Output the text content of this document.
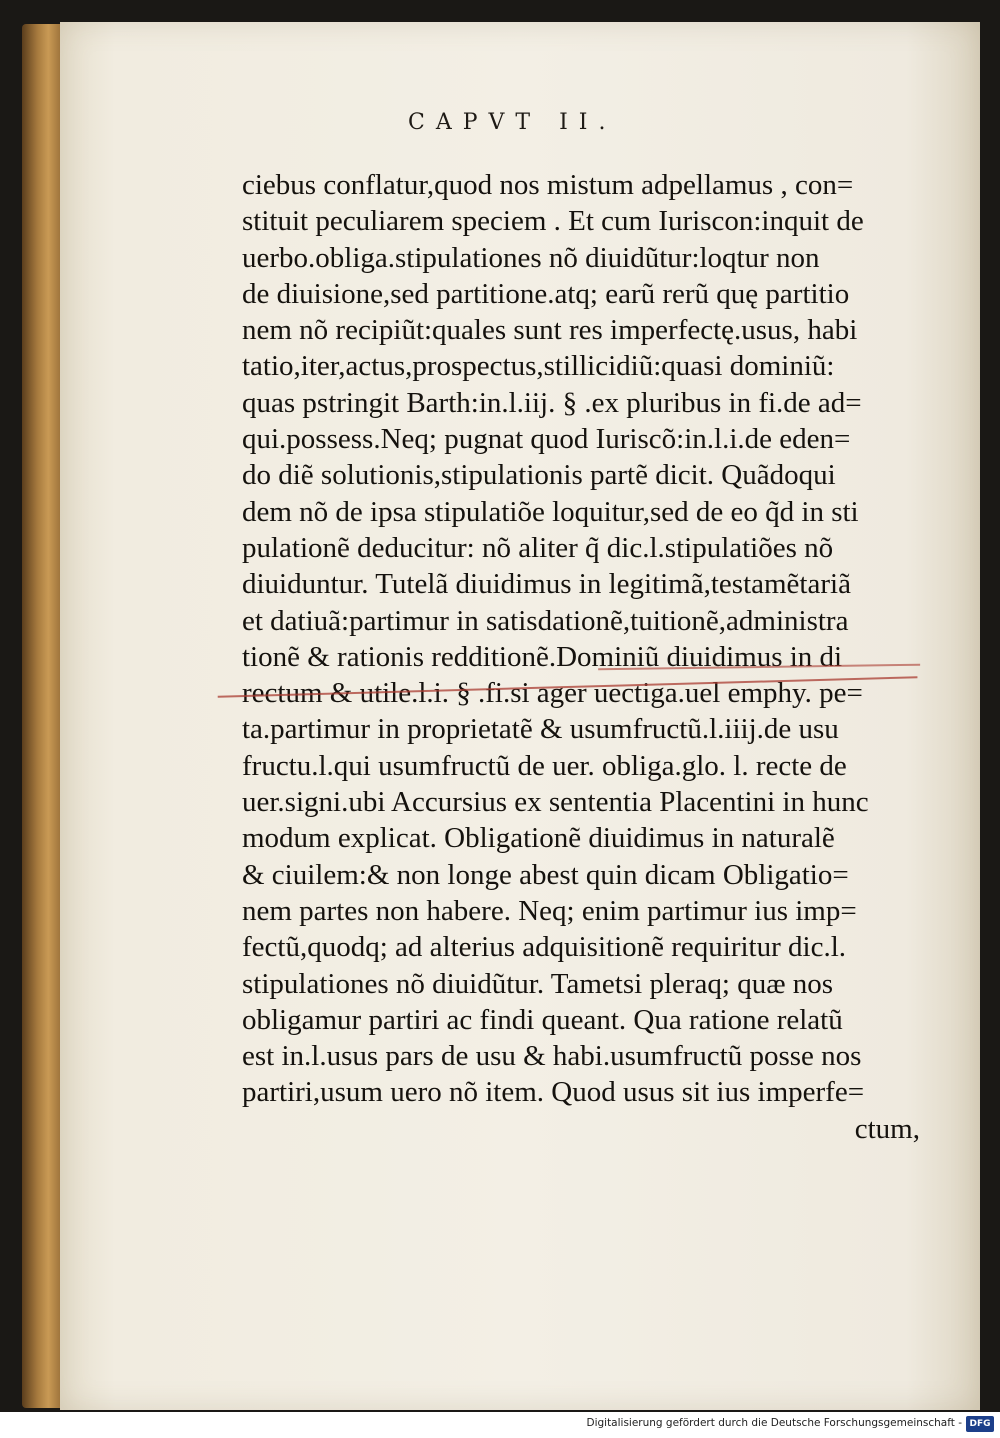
CAPVT II.
ciebus conflatur,quod nos mistum adpellamus , con=
stituit peculiarem speciem . Et cum Iuriscon:inquit de
uerbo.obliga.stipulationes nõ diuidũtur:loqtur non
de diuisione,sed partitione.atq; earũ rerũ quę partitio
nem nõ recipiũt:quales sunt res imperfectę.usus, habi
tatio,iter,actus,prospectus,stillicidiũ:quasi dominiũ:
quas pstringit Barth:in.l.iij. § .ex pluribus in fi.de ad=
qui.possess.Neq; pugnat quod Iuriscõ:in.l.i.de eden=
do diẽ solutionis,stipulationis partẽ dicit. Quãdoqui
dem nõ de ipsa stipulatiõe loquitur,sed de eo q̃d in sti
pulationẽ deducitur: nõ aliter q̃ dic.l.stipulatiões nõ
diuiduntur. Tutelã diuidimus in legitimã,testamẽtariã
et datiuã:partimur in satisdationẽ,tuitionẽ,administra
tionẽ & rationis redditionẽ.Dominiũ diuidimus in di
rectum & utile.l.i. § .fi.si ager uectiga.uel emphy. pe=
ta.partimur in proprietatẽ & usumfructũ.l.iiij.de usu
fructu.l.qui usumfructũ de uer. obliga.glo. l. recte de
uer.signi.ubi Accursius ex sententia Placentini in hunc
modum explicat. Obligationẽ diuidimus in naturalẽ
& ciuilem:& non longe abest quin dicam Obligatio=
nem partes non habere. Neq; enim partimur ius imp=
fectũ,quodq; ad alterius adquisitionẽ requiritur dic.l.
stipulationes nõ diuidũtur. Tametsi pleraq; quæ nos
obligamur partiri ac findi queant. Qua ratione relatũ
est in.l.usus pars de usu & habi.usumfructũ posse nos
partiri,usum uero nõ item. Quod usus sit ius imperfe=
ctum,
Digitalisierung gefördert durch die Deutsche Forschungsgemeinschaft - DFG
